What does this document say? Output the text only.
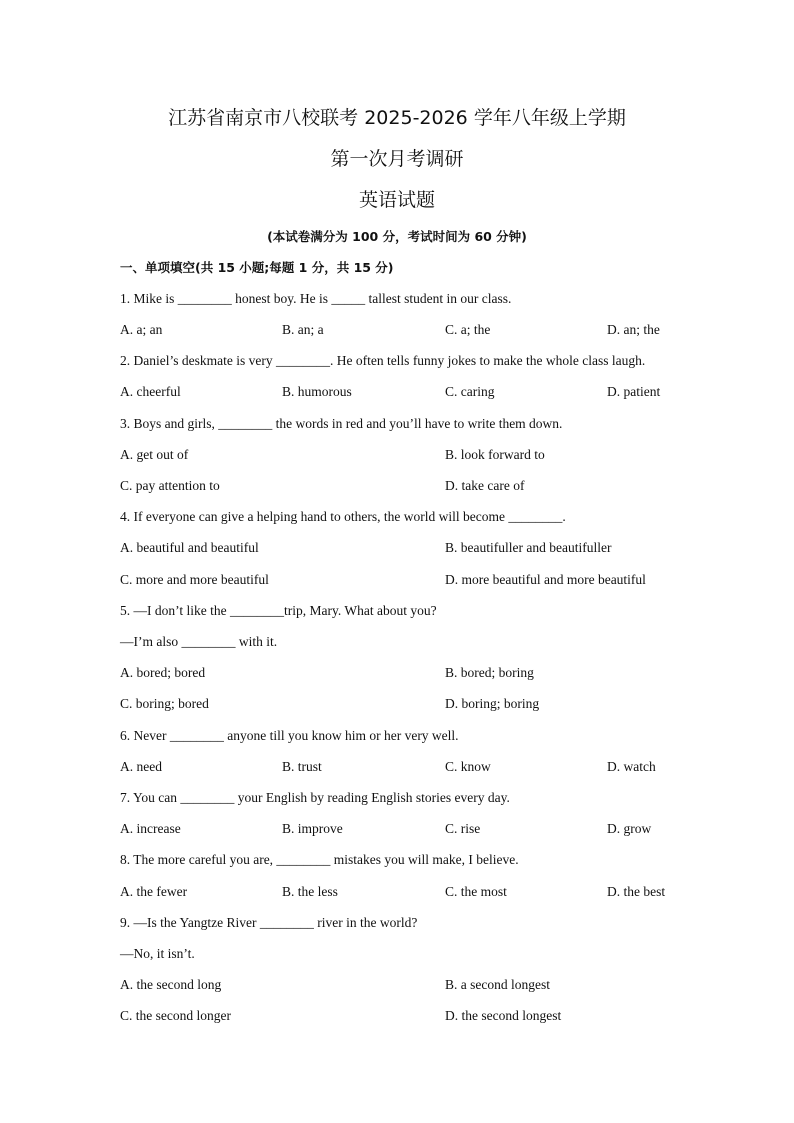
江苏省南京市八校联考 2025-2026 学年八年级上学期
第一次月考调研
英语试题
(本试卷满分为 100 分，考试时间为 60 分钟)
一、单项填空(共 15 小题;每题 1 分，共 15 分)
1. Mike is ________ honest boy. He is _____ tallest student in our class.
A. a; an	B. an; a	C. a; the	D. an; the
2. Daniel’s deskmate is very ________. He often tells funny jokes to make the whole class laugh.
A. cheerful	B. humorous	C. caring	D. patient
3. Boys and girls, ________ the words in red and you’ll have to write them down.
A. get out of	B. look forward to
C. pay attention to	D. take care of
4. If everyone can give a helping hand to others, the world will become ________.
A. beautiful and beautiful	B. beautifuller and beautifuller
C. more and more beautiful	D. more beautiful and more beautiful
5. —I don’t like the ________trip, Mary. What about you?
—I’m also ________ with it.
A. bored; bored	B. bored; boring
C. boring; bored	D. boring; boring
6. Never ________ anyone till you know him or her very well.
A. need	B. trust	C. know	D. watch
7. You can ________ your English by reading English stories every day.
A. increase	B. improve	C. rise	D. grow
8. The more careful you are, ________ mistakes you will make, I believe.
A. the fewer	B. the less	C. the most	D. the best
9. —Is the Yangtze River ________ river in the world?
—No, it isn’t.
A. the second long	B. a second longest
C. the second longer	D. the second longest
